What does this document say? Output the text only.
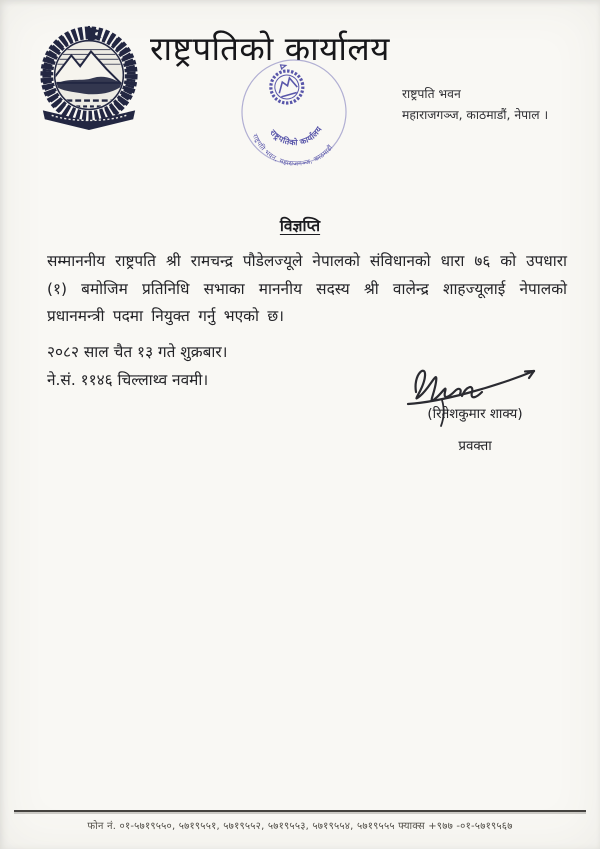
राष्ट्रपतिको कार्यालय
राष्ट्रपतिको कार्यालय
राष्ट्रपति भवन, महाराजगञ्ज, काठमाडौं
राष्ट्रपति भवन
महाराजगञ्ज, काठमाडौं, नेपाल ।
विज्ञप्ति
सम्माननीय राष्ट्रपति श्री रामचन्द्र पौडेलज्यूले नेपालको संविधानको धारा ७६ को उपधारा (१) बमोजिम प्रतिनिधि सभाका माननीय सदस्य श्री वालेन्द्र शाहज्यूलाई नेपालको प्रधानमन्त्री पदमा नियुक्त गर्नु भएको छ।
२०८२ साल चैत १३ गते शुक्रबार।
ने.सं. ११४६ चिल्लाथ्व नवमी।
(रितेशकुमार शाक्य)
प्रवक्ता
फोन नं. ०१-५७१९५५०, ५७१९५५१, ५७१९५५२, ५७१९५५३, ५७१९५५४, ५७१९५५५ फ्याक्स +९७७ -०१-५७१९५६७
